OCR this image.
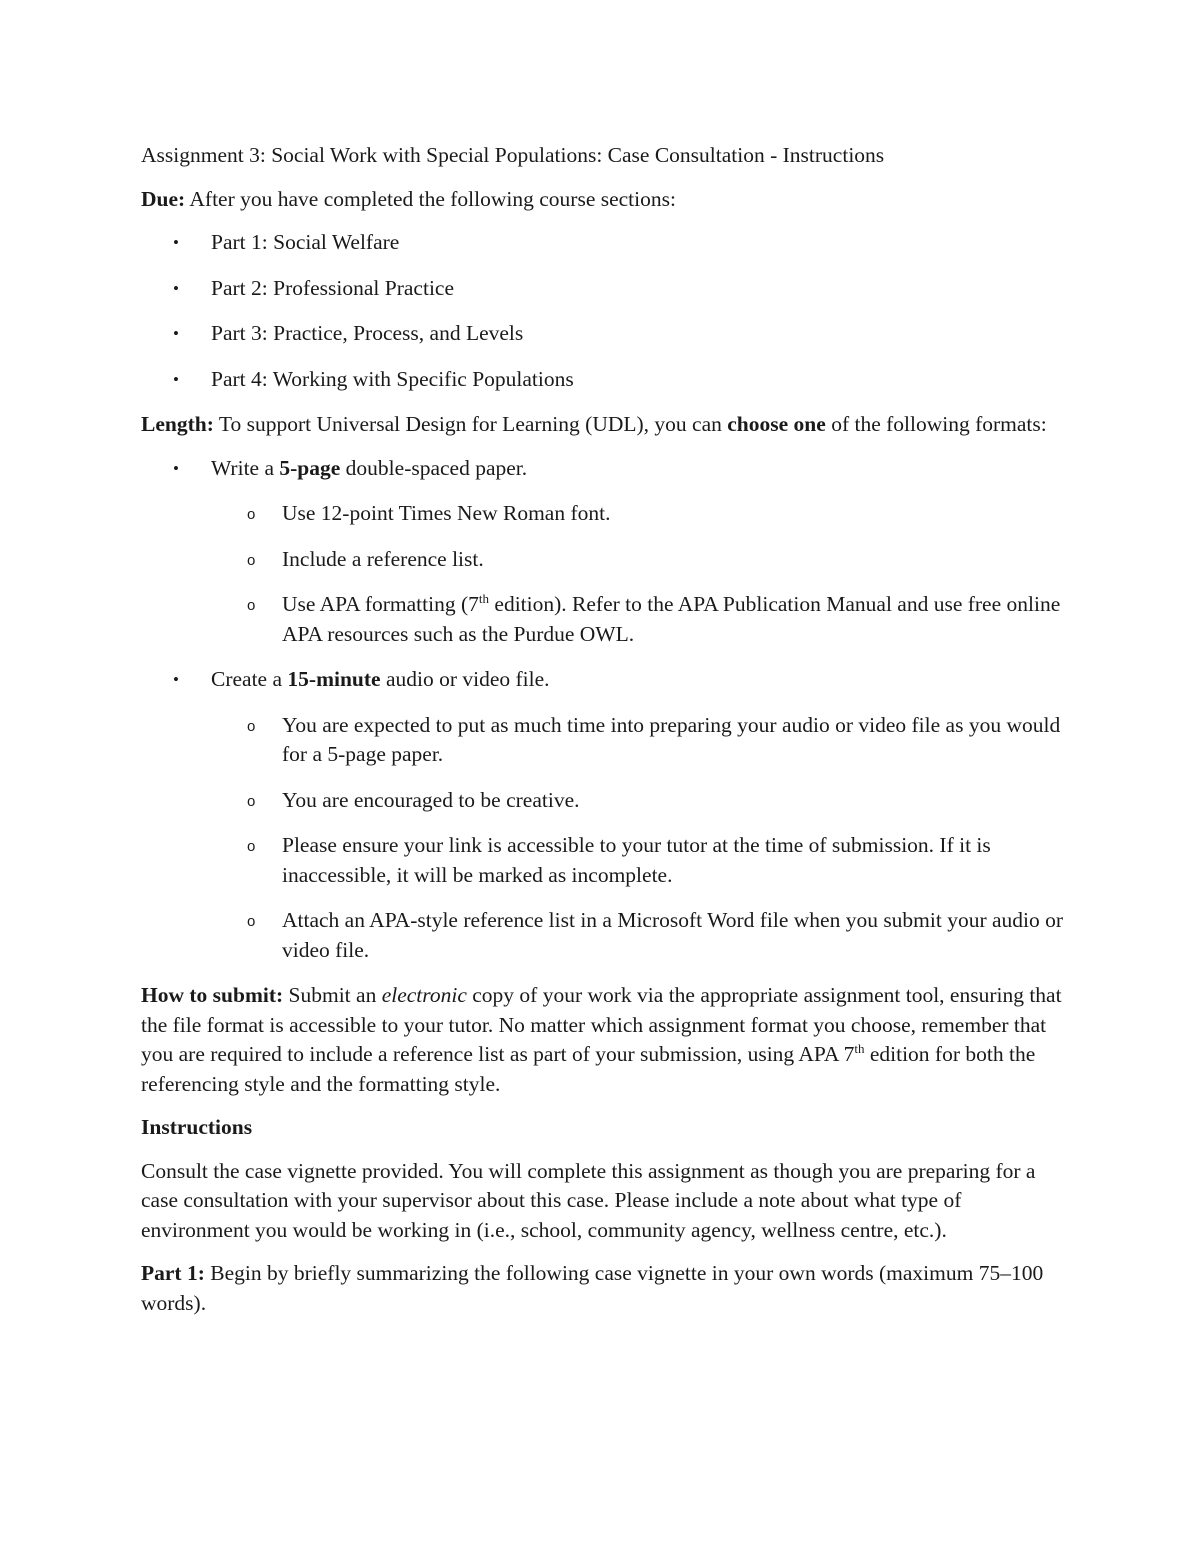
Assignment 3: Social Work with Special Populations: Case Consultation - Instructions

Due: After you have completed the following course sections:

• Part 1: Social Welfare
• Part 2: Professional Practice
• Part 3: Practice, Process, and Levels
• Part 4: Working with Specific Populations

Length: To support Universal Design for Learning (UDL), you can choose one of the following formats:

• Write a 5-page double-spaced paper.
o Use 12-point Times New Roman font.
o Include a reference list.
o Use APA formatting (7th edition). Refer to the APA Publication Manual and use free online APA resources such as the Purdue OWL.
• Create a 15-minute audio or video file.
o You are expected to put as much time into preparing your audio or video file as you would for a 5-page paper.
o You are encouraged to be creative.
o Please ensure your link is accessible to your tutor at the time of submission. If it is inaccessible, it will be marked as incomplete.
o Attach an APA-style reference list in a Microsoft Word file when you submit your audio or video file.

How to submit: Submit an electronic copy of your work via the appropriate assignment tool, ensuring that the file format is accessible to your tutor. No matter which assignment format you choose, remember that you are required to include a reference list as part of your submission, using APA 7th edition for both the referencing style and the formatting style.

Instructions

Consult the case vignette provided. You will complete this assignment as though you are preparing for a case consultation with your supervisor about this case. Please include a note about what type of environment you would be working in (i.e., school, community agency, wellness centre, etc.).

Part 1: Begin by briefly summarizing the following case vignette in your own words (maximum 75–100 words).
